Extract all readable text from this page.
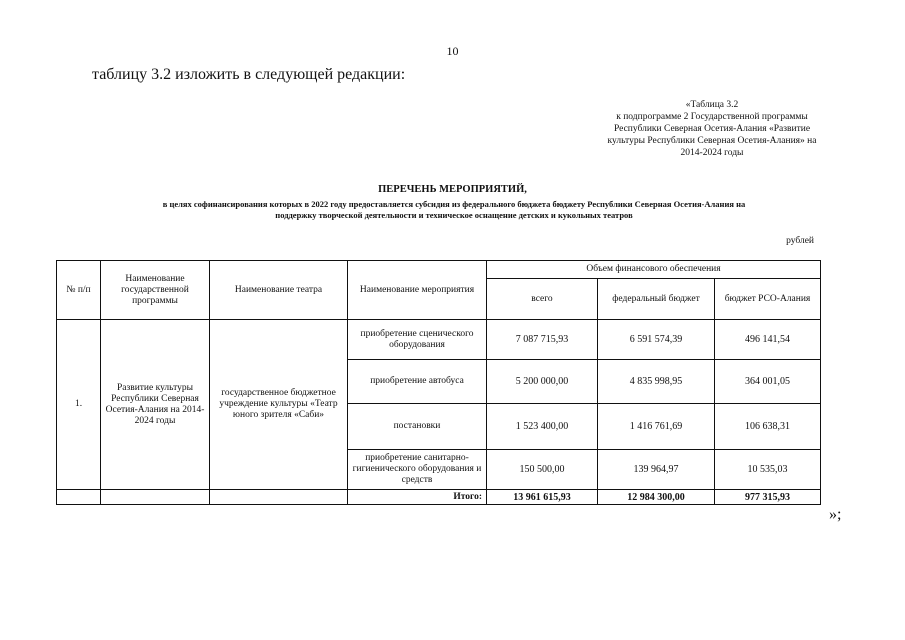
10
таблицу 3.2 изложить в следующей редакции:
«Таблица 3.2
к подпрограмме 2 Государственной программы
Республики Северная Осетия-Алания «Развитие
культуры Республики Северная Осетия-Алания» на
2014-2024 годы
ПЕРЕЧЕНЬ МЕРОПРИЯТИЙ,
в целях софинансирования которых в 2022 году предоставляется субсидия из федерального бюджета бюджету Республики Северная Осетия-Алания на
поддержку творческой деятельности и техническое оснащение детских и кукольных театров
рублей
№ п/п	Наименование государственной программы	Наименование театра	Наименование мероприятия	Объем финансового обеспечения		
				всего	федеральный бюджет	бюджет РСО-Алания
1.	Развитие культуры Республики Северная Осетия-Алания на 2014-2024 годы	государственное бюджетное учреждение культуры «Театр юного зрителя «Саби»	приобретение сценического оборудования	7 087 715,93	6 591 574,39	496 141,54
			приобретение автобуса	5 200 000,00	4 835 998,95	364 001,05
			постановки	1 523 400,00	1 416 761,69	106 638,31
			приобретение санитарно-гигиенического оборудования и средств	150 500,00	139 964,97	10 535,03
			Итого:	13 961 615,93	12 984 300,00	977 315,93
»;
